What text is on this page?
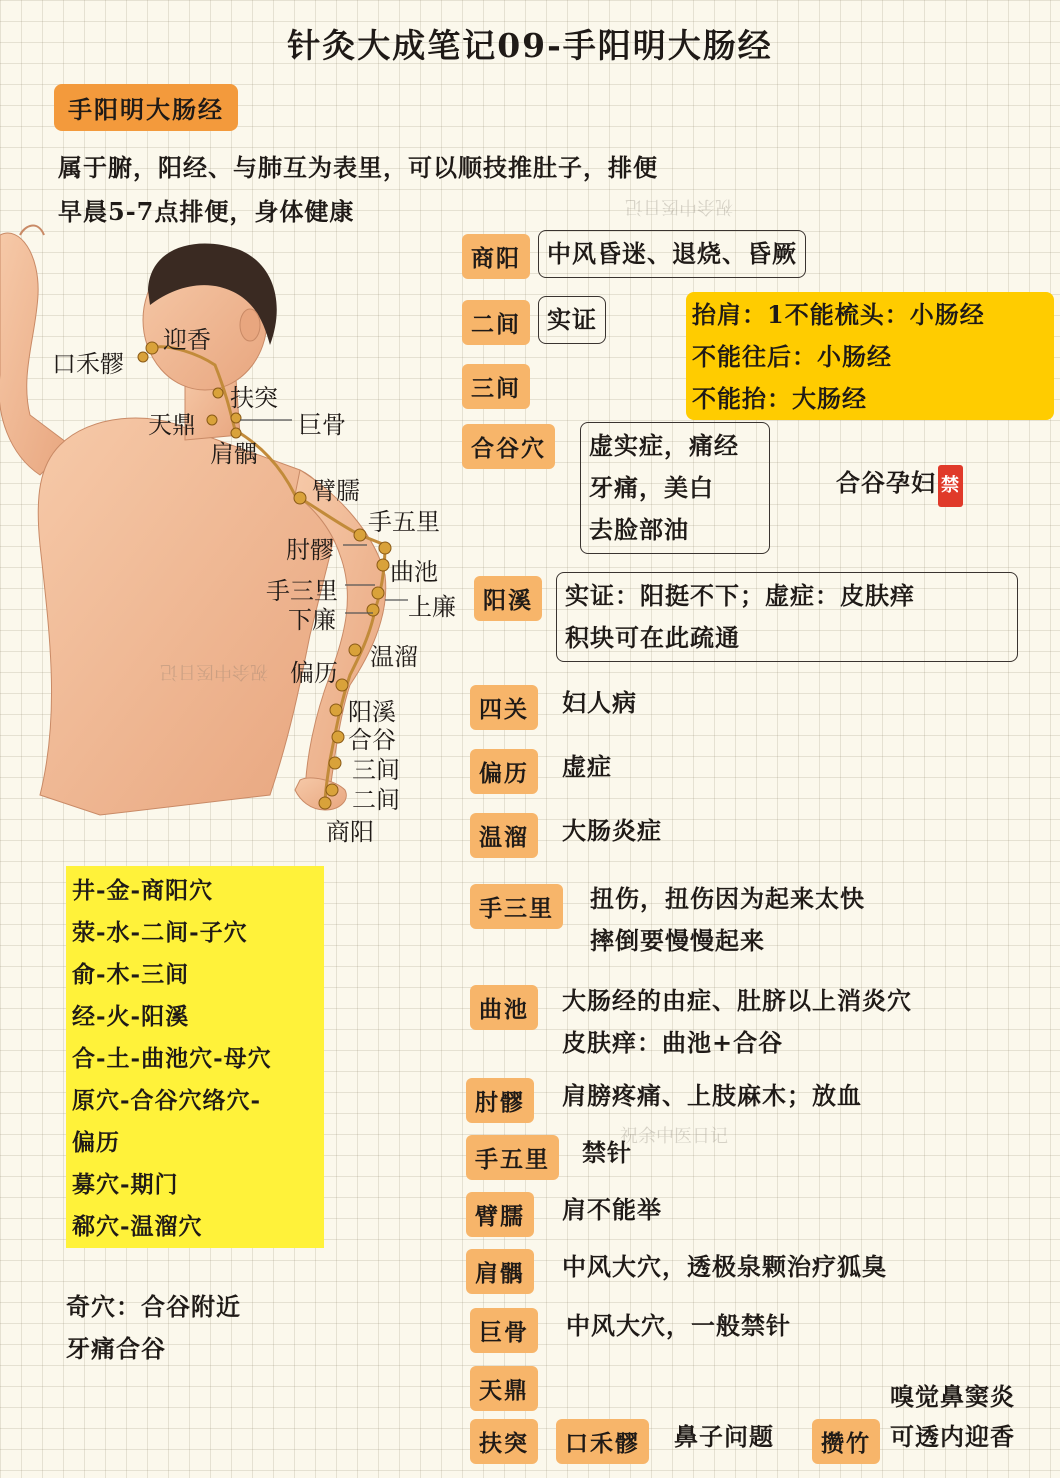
针灸大成笔记09-手阳明大肠经
手阳明大肠经
属于腑，阳经、与肺互为表里，可以顺技推肚子，排便
早晨5-7点排便，身体健康
迎香
口禾髎
扶突
天鼎	巨骨
肩髃
臂臑
手五里
肘髎
曲池
手三里
上廉
下廉
温溜
偏历
阳溪
合谷
三间
二间
商阳
商阳	中风昏迷、退烧、昏厥
二间	实证	抬肩：1不能梳头：小肠经
不能往后：小肠经
不能抬：大肠经
三间
合谷穴	虚实症，痛经
牙痛，美白
去脸部油
合谷孕妇 禁
阳溪	实证：阳挺不下；虚症：皮肤痒
积块可在此疏通
四关	妇人病
偏历	虚症
温溜	大肠炎症
手三里	扭伤，扭伤因为起来太快
摔倒要慢慢起来
曲池	大肠经的由症、肚脐以上消炎穴
皮肤痒：曲池+合谷
肘髎	肩膀疼痛、上肢麻木；放血
手五里	禁针
臂臑	肩不能举
肩髃	中风大穴，透极泉颗治疗狐臭
巨骨	中风大穴，一般禁针
天鼎
扶突	口禾髎	鼻子问题	攒竹 可透内迎香
嗅觉鼻窦炎
井-金-商阳穴
荥-水-二间-子穴
俞-木-三间
经-火-阳溪
合-土-曲池穴-母穴
原穴-合谷穴络穴-
偏历
募穴-期门
郗穴-温溜穴
奇穴：合谷附近
牙痛合谷
祝余中医日记
祝余中医日记
祝余中医日记
